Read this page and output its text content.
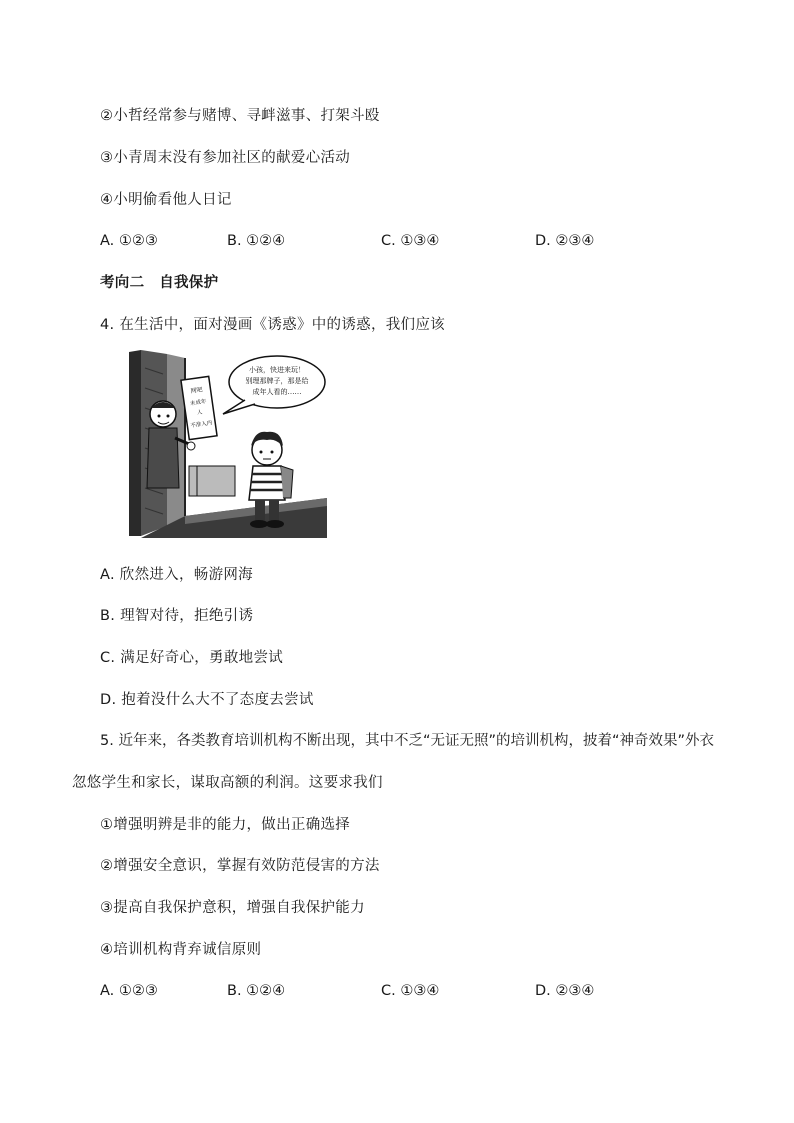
②小哲经常参与赌博、寻衅滋事、打架斗殴
③小青周末没有参加社区的献爱心活动
④小明偷看他人日记
A. ①②③	B. ①②④	C. ①③④	D. ②③④
考向二　自我保护
4. 在生活中，面对漫画《诱惑》中的诱惑，我们应该
网吧
未成年
人
不准入内
小孩，快进来玩！
别理那牌子，那是给
成年人看的……
A. 欣然进入，畅游网海
B. 理智对待，拒绝引诱
C. 满足好奇心，勇敢地尝试
D. 抱着没什么大不了态度去尝试
5. 近年来，各类教育培训机构不断出现，其中不乏“无证无照”的培训机构，披着“神奇效果”外衣
忽悠学生和家长，谋取高额的利润。这要求我们
①增强明辨是非的能力，做出正确选择
②增强安全意识，掌握有效防范侵害的方法
③提高自我保护意积，增强自我保护能力
④培训机构背弃诚信原则
A. ①②③	B. ①②④	C. ①③④	D. ②③④
